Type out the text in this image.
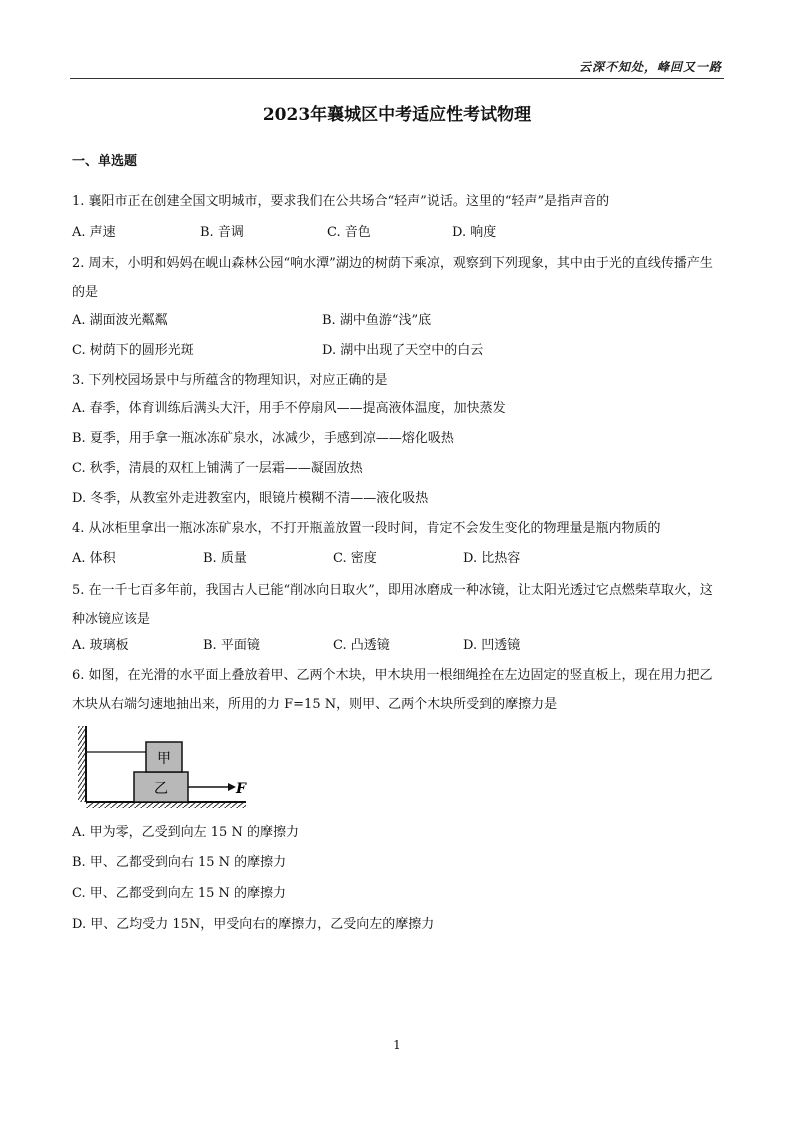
云深不知处，峰回又一路
2023年襄城区中考适应性考试物理
一、单选题
1. 襄阳市正在创建全国文明城市，要求我们在公共场合“轻声”说话。这里的“轻声”是指声音的
A. 声速	B. 音调	C. 音色	D. 响度
2. 周末，小明和妈妈在岘山森林公园“响水潭”湖边的树荫下乘凉，观察到下列现象，其中由于光的直线传播产生的是
A. 湖面波光粼粼	B. 湖中鱼游“浅”底
C. 树荫下的圆形光斑	D. 湖中出现了天空中的白云
3. 下列校园场景中与所蕴含的物理知识，对应正确的是
A. 春季，体育训练后满头大汗，用手不停扇风——提高液体温度，加快蒸发
B. 夏季，用手拿一瓶冰冻矿泉水，冰减少，手感到凉——熔化吸热
C. 秋季，清晨的双杠上铺满了一层霜——凝固放热
D. 冬季，从教室外走进教室内，眼镜片模糊不清——液化吸热
4. 从冰柜里拿出一瓶冰冻矿泉水，不打开瓶盖放置一段时间，肯定不会发生变化的物理量是瓶内物质的
A. 体积	B. 质量	C. 密度	D. 比热容
5. 在一千七百多年前，我国古人已能“削冰向日取火”，即用冰磨成一种冰镜，让太阳光透过它点燃柴草取火，这种冰镜应该是
A. 玻璃板	B. 平面镜	C. 凸透镜	D. 凹透镜
6. 如图，在光滑的水平面上叠放着甲、乙两个木块，甲木块用一根细绳拴在左边固定的竖直板上，现在用力把乙木块从右端匀速地抽出来，所用的力 F=15 N，则甲、乙两个木块所受到的摩擦力是
甲
乙	F
A. 甲为零，乙受到向左 15 N 的摩擦力
B. 甲、乙都受到向右 15 N 的摩擦力
C. 甲、乙都受到向左 15 N 的摩擦力
D. 甲、乙均受力 15N，甲受向右的摩擦力，乙受向左的摩擦力
1
